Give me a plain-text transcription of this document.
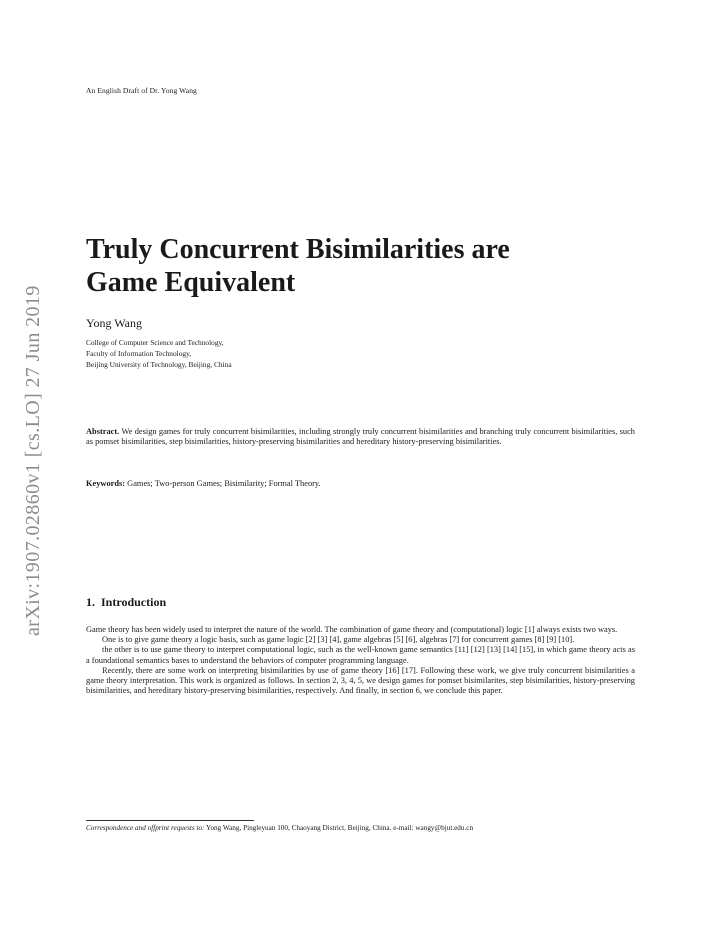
An English Draft of Dr. Yong Wang
arXiv:1907.02860v1 [cs.LO] 27 Jun 2019
Truly Concurrent Bisimilarities are
Game Equivalent
Yong Wang
College of Computer Science and Technology,
Faculty of Information Technology,
Beijing University of Technology, Beijing, China

Abstract. We design games for truly concurrent bisimilarities, including strongly truly concurrent bisimilarities and branching truly concurrent bisimilarities, such as pomset bisimilarities, step bisimilarities, history-preserving bisimilarities and hereditary history-preserving bisimilarities.

Keywords: Games; Two-person Games; Bisimilarity; Formal Theory.

1. Introduction

Game theory has been widely used to interpret the nature of the world. The combination of game theory and (computational) logic [1] always exists two ways.

One is to give game theory a logic basis, such as game logic [2] [3] [4], game algebras [5] [6], algebras [7] for concurrent games [8] [9] [10].

the other is to use game theory to interpret computational logic, such as the well-known game semantics [11] [12] [13] [14] [15], in which game theory acts as a foundational semantics bases to understand the behaviors of computer programming language.

Recently, there are some work on interpreting bisimilarities by use of game theory [16] [17]. Following these work, we give truly concurrent bisimilarities a game theory interpretation. This work is organized as follows. In section 2, 3, 4, 5, we design games for pomset bisimilarites, step bisimilarities, history-preserving bisimilarities, and hereditary history-preserving bisimilarities, respectively. And finally, in section 6, we conclude this paper.

Correspondence and offprint requests to: Yong Wang, Pingleyuan 100, Chaoyang District, Beijing, China. e-mail: wangy@bjut.edu.cn
